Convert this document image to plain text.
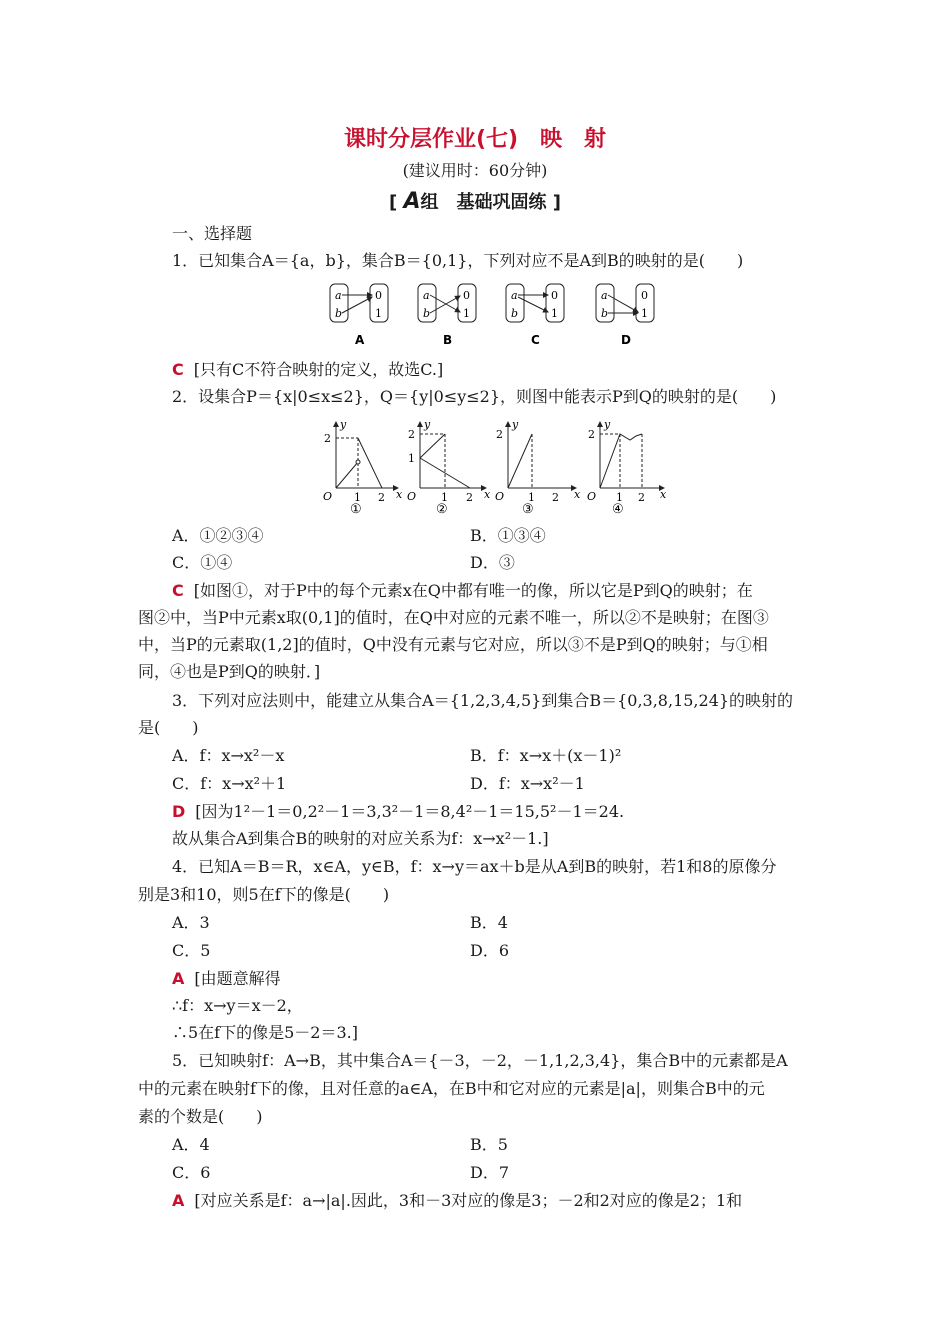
课时分层作业(七)　映　射
(建议用时：60分钟)
[ A组　基础巩固练 ]
一、选择题
1．已知集合A＝{a，b}，集合B＝{0,1}，下列对应不是A到B的映射的是(　　)
a
b
0
1
a
b
0
1
a
b
0
1
a
b
0
1
A	B	C	D
C [只有C不符合映射的定义，故选C.]
2．设集合P＝{x|0≤x≤2}，Q＝{y|0≤y≤2}，则图中能表示P到Q的映射的是(　　)
O
y
x
1 2
2
①
O
y
x
1 2
2
1
②
O
y
x
1 2
2
③
O
y
x
1 2
2
④
A．①②③④	B．①③④
C．①④	D．③
C [如图①，对于P中的每个元素x在Q中都有唯一的像，所以它是P到Q的映射；在
图②中，当P中元素x取(0,1]的值时，在Q中对应的元素不唯一，所以②不是映射；在图③
中，当P的元素取(1,2]的值时，Q中没有元素与它对应，所以③不是P到Q的映射；与①相
同，④也是P到Q的映射．]
3．下列对应法则中，能建立从集合A＝{1,2,3,4,5}到集合B＝{0,3,8,15,24}的映射的
是(　　)
A．f：x→x²－x	B．f：x→x＋(x－1)²
C．f：x→x²＋1	D．f：x→x²－1
D [因为1²－1＝0,2²－1＝3,3²－1＝8,4²－1＝15,5²－1＝24.
故从集合A到集合B的映射的对应关系为f：x→x²－1.]
4．已知A＝B＝R，x∈A，y∈B，f：x→y＝ax＋b是从A到B的映射，若1和8的原像分
别是3和10，则5在f下的像是(　　)
A．3	B．4
C．5	D．6
A [由题意解得
∴f：x→y＝x－2，
∴5在f下的像是5－2＝3.]
5．已知映射f：A→B，其中集合A＝{－3，－2，－1,1,2,3,4}，集合B中的元素都是A
中的元素在映射f下的像，且对任意的a∈A，在B中和它对应的元素是|a|，则集合B中的元
素的个数是(　　)
A．4	B．5
C．6	D．7
A [对应关系是f：a→|a|.因此，3和－3对应的像是3；－2和2对应的像是2；1和
